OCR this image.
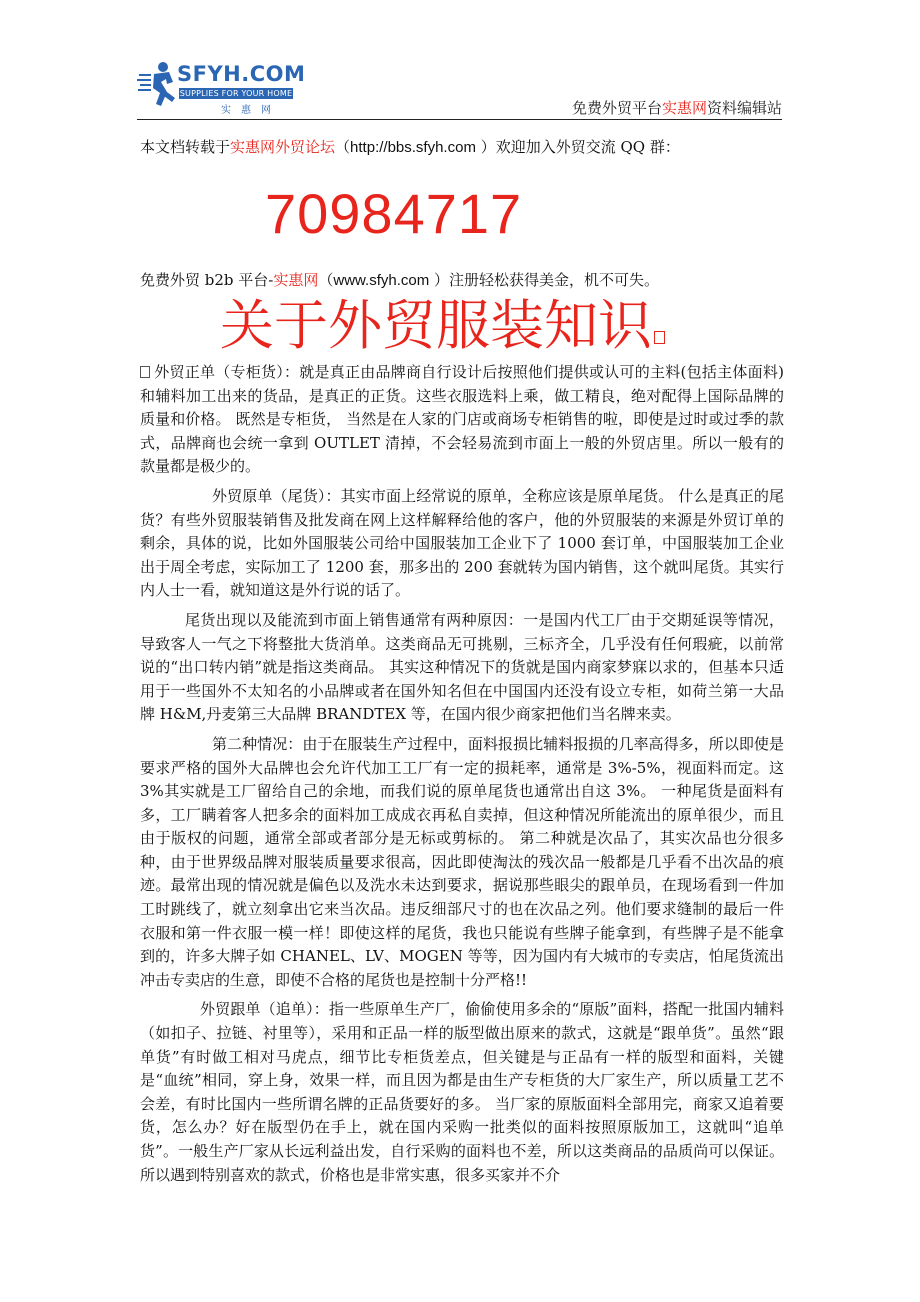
SFYH.COM
SUPPLIES FOR YOUR HOME
实惠网	免费外贸平台实惠网资料编辑站
本文档转载于实惠网外贸论坛（http://bbs.sfyh.com ）欢迎加入外贸交流 QQ 群：
70984717
免费外贸 b2b 平台-实惠网（www.sfyh.com ）注册轻松获得美金，机不可失。
关于外贸服装知识

外贸正单（专柜货）：就是真正由品牌商自行设计后按照他们提供或认可的主料(包括主体面料)和辅料加工出来的货品，是真正的正货。这些衣服选料上乘，做工精良，绝对配得上国际品牌的质量和价格。 既然是专柜货， 当然是在人家的门店或商场专柜销售的啦，即使是过时或过季的款式，品牌商也会统一拿到 OUTLET 清掉，不会轻易流到市面上一般的外贸店里。所以一般有的款量都是极少的。

外贸原单（尾货）：其实市面上经常说的原单，全称应该是原单尾货。 什么是真正的尾货？有些外贸服装销售及批发商在网上这样解释给他的客户，他的外贸服装的来源是外贸订单的剩余，具体的说，比如外国服装公司给中国服装加工企业下了 1000 套订单，中国服装加工企业出于周全考虑，实际加工了 1200 套，那多出的 200 套就转为国内销售，这个就叫尾货。其实行内人士一看，就知道这是外行说的话了。

尾货出现以及能流到市面上销售通常有两种原因：一是国内代工厂由于交期延误等情况，导致客人一气之下将整批大货消单。这类商品无可挑剔，三标齐全，几乎没有任何瑕疵，以前常说的“出口转内销”就是指这类商品。 其实这种情况下的货就是国内商家梦寐以求的，但基本只适用于一些国外不太知名的小品牌或者在国外知名但在中国国内还没有设立专柜，如荷兰第一大品牌 H&M,丹麦第三大品牌 BRANDTEX 等，在国内很少商家把他们当名牌来卖。

第二种情况：由于在服装生产过程中，面料报损比辅料报损的几率高得多，所以即使是要求严格的国外大品牌也会允许代加工工厂有一定的损耗率，通常是 3%-5%，视面料而定。这 3%其实就是工厂留给自己的余地，而我们说的原单尾货也通常出自这 3%。 一种尾货是面料有多，工厂瞒着客人把多余的面料加工成成衣再私自卖掉，但这种情况所能流出的原单很少，而且由于版权的问题，通常全部或者部分是无标或剪标的。 第二种就是次品了，其实次品也分很多种，由于世界级品牌对服装质量要求很高，因此即使淘汰的残次品一般都是几乎看不出次品的痕迹。最常出现的情况就是偏色以及洗水未达到要求，据说那些眼尖的跟单员，在现场看到一件加工时跳线了，就立刻拿出它来当次品。违反细部尺寸的也在次品之列。他们要求缝制的最后一件衣服和第一件衣服一模一样！即使这样的尾货，我也只能说有些牌子能拿到，有些牌子是不能拿到的，许多大牌子如 CHANEL、LV、MOGEN 等等，因为国内有大城市的专卖店，怕尾货流出冲击专卖店的生意，即使不合格的尾货也是控制十分严格!!

外贸跟单（追单）：指一些原单生产厂，偷偷使用多余的“原版”面料，搭配一批国内辅料（如扣子、拉链、衬里等），采用和正品一样的版型做出原来的款式，这就是“跟单货”。虽然“跟单货”有时做工相对马虎点，细节比专柜货差点，但关键是与正品有一样的版型和面料，关键是“血统”相同，穿上身，效果一样，而且因为都是由生产专柜货的大厂家生产，所以质量工艺不会差，有时比国内一些所谓名牌的正品货要好的多。 当厂家的原版面料全部用完，商家又追着要货，怎么办？好在版型仍在手上，就在国内采购一批类似的面料按照原版加工，这就叫“追单货”。一般生产厂家从长远利益出发，自行采购的面料也不差，所以这类商品的品质尚可以保证。所以遇到特别喜欢的款式，价格也是非常实惠，很多买家并不介
